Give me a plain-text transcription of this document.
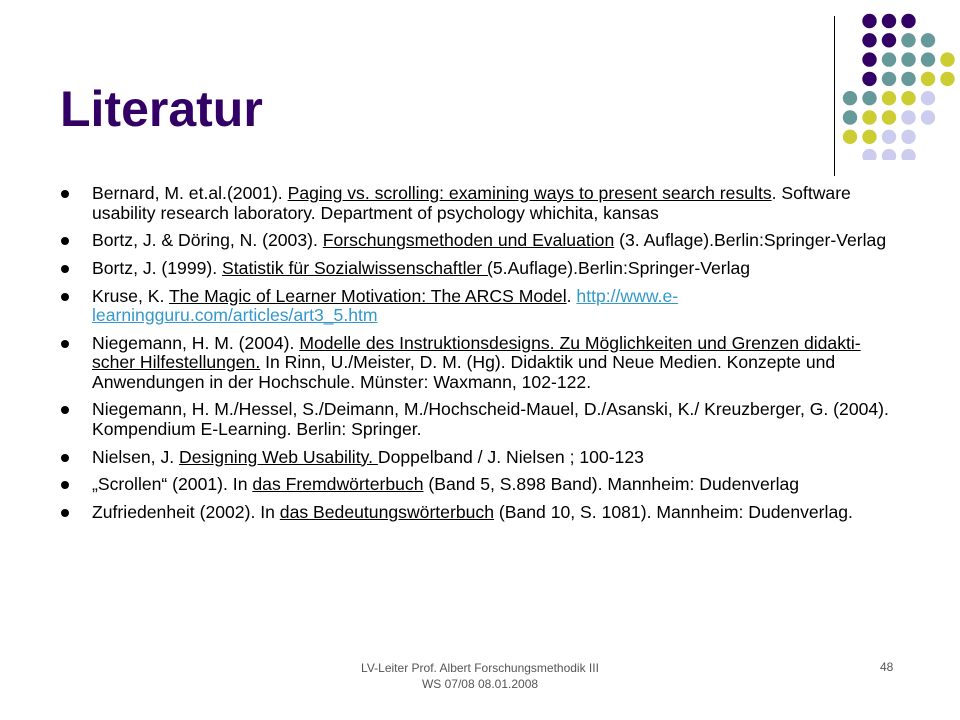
Literatur
Bernard, M. et.al.(2001). Paging vs. scrolling: examining ways to present search results. Software usability research laboratory. Department of psychology whichita, kansas
Bortz, J. & Döring, N. (2003). Forschungsmethoden und Evaluation (3. Auflage).Berlin:Springer-Verlag
Bortz, J. (1999). Statistik für Sozialwissenschaftler (5.Auflage).Berlin:Springer-Verlag
Kruse, K. The Magic of Learner Motivation: The ARCS Model. http://www.e-learningguru.com/articles/art3_5.htm
Niegemann, H. M. (2004). Modelle des Instruktionsdesigns. Zu Möglichkeiten und Grenzen didakti-scher Hilfestellungen. In Rinn, U./Meister, D. M. (Hg). Didaktik und Neue Medien. Konzepte und Anwendungen in der Hochschule. Münster: Waxmann, 102-122.
Niegemann, H. M./Hessel, S./Deimann, M./Hochscheid-Mauel, D./Asanski, K./ Kreuzberger, G. (2004). Kompendium E-Learning. Berlin: Springer.
Nielsen, J. Designing Web Usability. Doppelband / J. Nielsen ; 100-123
„Scrollen“ (2001). In das Fremdwörterbuch (Band 5, S.898 Band). Mannheim: Dudenverlag
Zufriedenheit (2002). In das Bedeutungswörterbuch (Band 10, S. 1081). Mannheim: Dudenverlag.
LV-Leiter Prof. Albert Forschungsmethodik III
WS 07/08 08.01.2008
48
